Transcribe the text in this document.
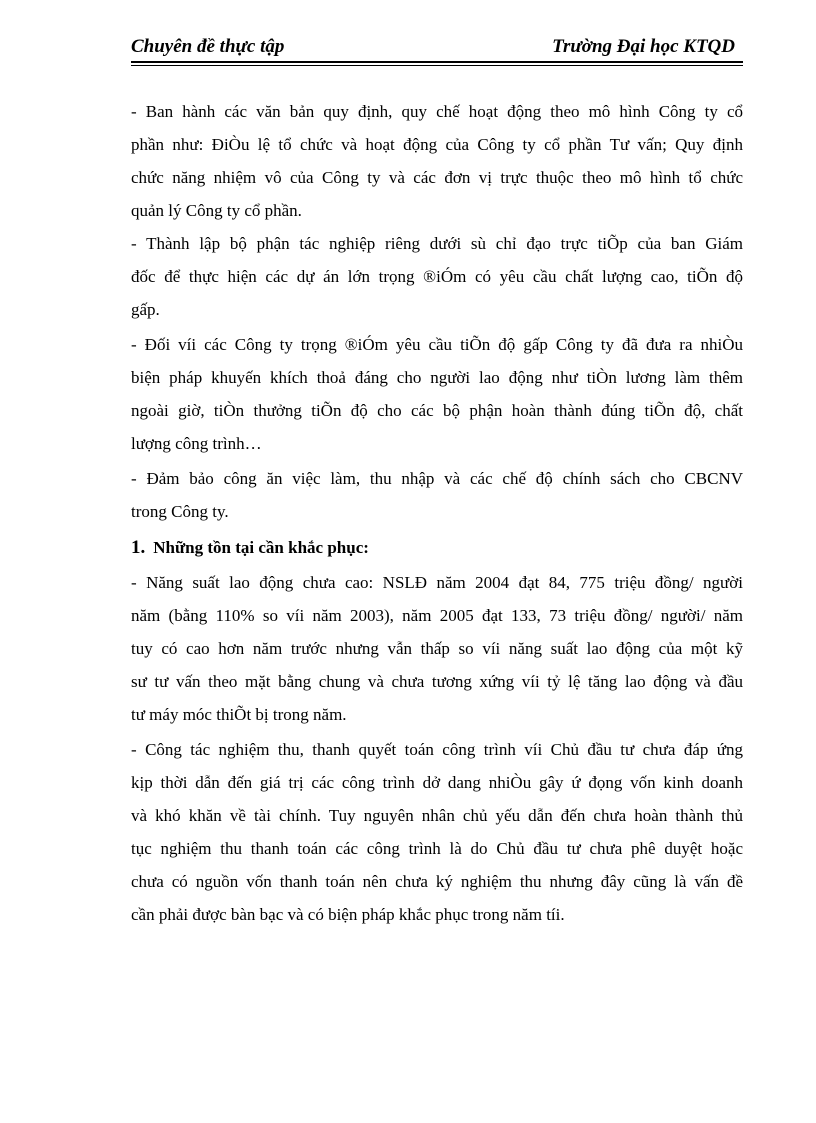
Chuyên đề thực tập	Trường Đại học KTQD
- Ban hành các văn bản quy định, quy chế hoạt động theo mô hình Công ty cổ
phần như: ĐiÒu lệ tổ chức và hoạt động của Công ty cổ phần Tư vấn; Quy định
chức năng nhiệm vô của Công ty và các đơn vị trực thuộc theo mô hình tổ chức
quản lý Công ty cổ phần.
- Thành lập bộ phận tác nghiệp riêng dưới sù chỉ đạo trực tiÕp của ban Giám
đốc để thực hiện các dự án lớn trọng ®iÓm có yêu cầu chất lượng cao, tiÕn độ
gấp.
- Đối víi các Công ty trọng ®iÓm yêu cầu tiÕn độ gấp Công ty đã đưa ra nhiÒu
biện pháp khuyến khích thoả đáng cho người lao động như tiÒn lương làm thêm
ngoài giờ, tiÒn thưởng tiÕn độ cho các bộ phận hoàn thành đúng tiÕn độ, chất
lượng công trình…
- Đảm bảo công ăn việc làm, thu nhập và các chế độ chính sách cho CBCNV
trong Công ty.
1. Những tồn tại cần khắc phục:
- Năng suất lao động chưa cao: NSLĐ năm 2004 đạt 84, 775 triệu đồng/ người
năm (bằng 110% so víi năm 2003), năm 2005 đạt 133, 73 triệu đồng/ người/ năm
tuy có cao hơn năm trước nhưng vẫn thấp so víi năng suất lao động của một kỹ
sư tư vấn theo mặt bằng chung và chưa tương xứng víi tỷ lệ tăng lao động và đầu
tư máy móc thiÕt bị trong năm.
- Công tác nghiệm thu, thanh quyết toán công trình víi Chủ đầu tư chưa đáp ứng
kịp thời dẫn đến giá trị các công trình dở dang nhiÒu gây ứ đọng vốn kinh doanh
và khó khăn về tài chính. Tuy nguyên nhân chủ yếu dẫn đến chưa hoàn thành thủ
tục nghiệm thu thanh toán các công trình là do Chủ đầu tư chưa phê duyệt hoặc
chưa có nguồn vốn thanh toán nên chưa ký nghiệm thu nhưng đây cũng là vấn đề
cần phải được bàn bạc và có biện pháp khắc phục trong năm tíi.
